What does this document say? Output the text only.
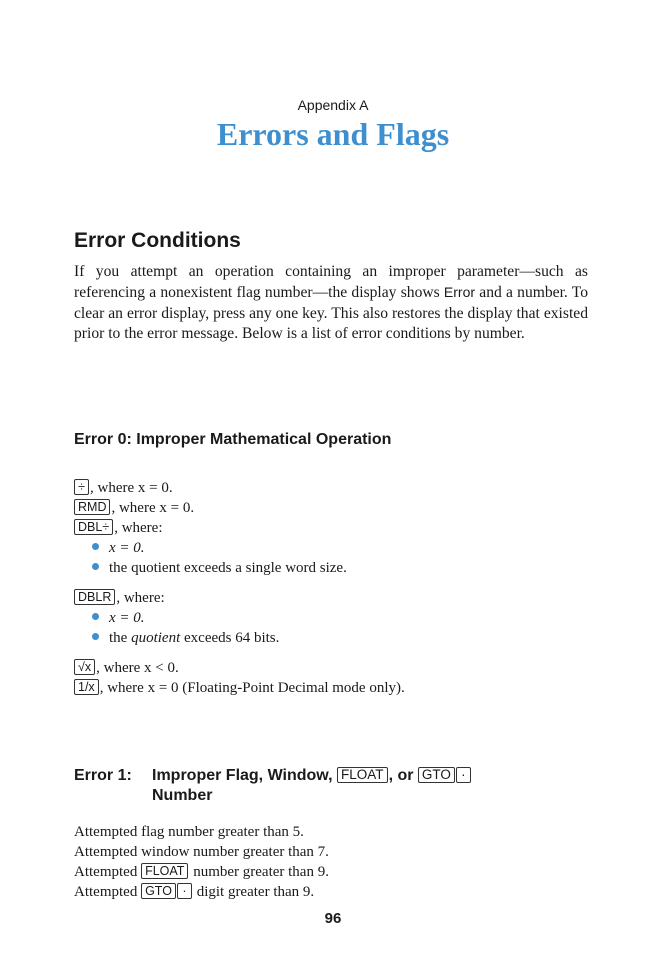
Appendix A
Errors and Flags
Error Conditions

If you attempt an operation containing an improper parameter—such as referencing a nonexistent flag number—the display shows Error and a number. To clear an error display, press any one key. This also restores the display that existed prior to the error message. Below is a list of error conditions by number.

Error 0: Improper Mathematical Operation
÷ , where x = 0.
RMD , where x = 0.
DBL÷ , where:
x = 0.
the quotient exceeds a single word size.
DBLR , where:
x = 0.
the quotient exceeds 64 bits.
√x , where x < 0.
1/x , where x = 0 (Floating-Point Decimal mode only).
Error 1: Improper Flag, Window, FLOAT , or GTO ·
Number
Attempted flag number greater than 5.
Attempted window number greater than 7.
Attempted FLOAT number greater than 9.
Attempted GTO · digit greater than 9.
96
